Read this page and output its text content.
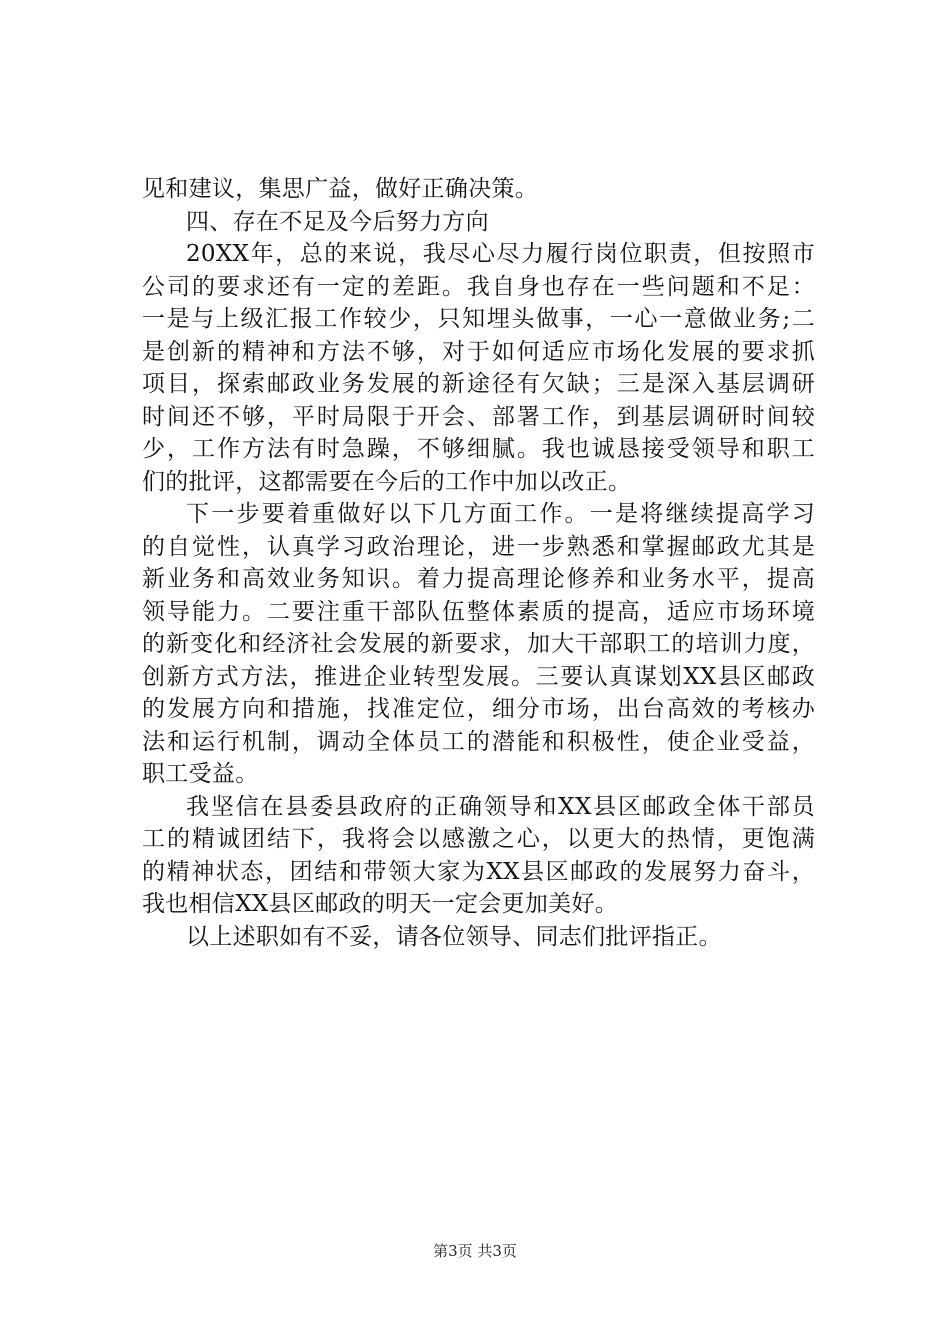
见和建议，集思广益，做好正确决策。
四、存在不足及今后努力方向
20XX年，总的来说，我尽心尽力履行岗位职责，但按照市
公司的要求还有一定的差距。我自身也存在一些问题和不足：
一是与上级汇报工作较少，只知埋头做事，一心一意做业务;二
是创新的精神和方法不够，对于如何适应市场化发展的要求抓
项目，探索邮政业务发展的新途径有欠缺；三是深入基层调研
时间还不够，平时局限于开会、部署工作，到基层调研时间较
少，工作方法有时急躁，不够细腻。我也诚恳接受领导和职工
们的批评，这都需要在今后的工作中加以改正。
下一步要着重做好以下几方面工作。一是将继续提高学习
的自觉性，认真学习政治理论，进一步熟悉和掌握邮政尤其是
新业务和高效业务知识。着力提高理论修养和业务水平，提高
领导能力。二要注重干部队伍整体素质的提高，适应市场环境
的新变化和经济社会发展的新要求，加大干部职工的培训力度，
创新方式方法，推进企业转型发展。三要认真谋划XX县区邮政
的发展方向和措施，找准定位，细分市场，出台高效的考核办
法和运行机制，调动全体员工的潜能和积极性，使企业受益，
职工受益。
我坚信在县委县政府的正确领导和XX县区邮政全体干部员
工的精诚团结下，我将会以感激之心，以更大的热情，更饱满
的精神状态，团结和带领大家为XX县区邮政的发展努力奋斗，
我也相信XX县区邮政的明天一定会更加美好。
以上述职如有不妥，请各位领导、同志们批评指正。
第3页 共3页
